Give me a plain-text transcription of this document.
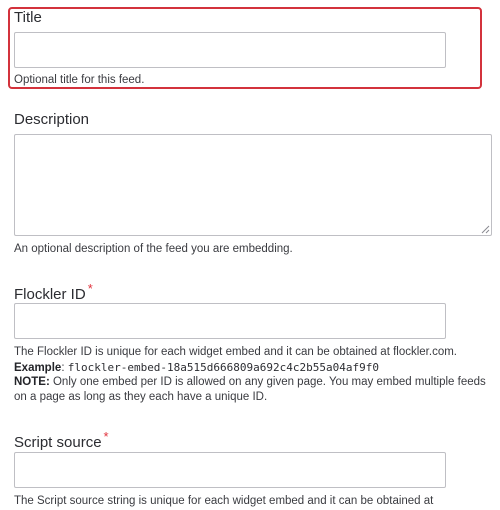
Title
Optional title for this feed.
Description
An optional description of the feed you are embedding.
Flockler ID *
The Flockler ID is unique for each widget embed and it can be obtained at flockler.com.
Example: flockler-embed-18a515d666809a692c4c2b55a04af9f0
NOTE: Only one embed per ID is allowed on any given page. You may embed multiple feeds
on a page as long as they each have a unique ID.
Script source *
The Script source string is unique for each widget embed and it can be obtained at
